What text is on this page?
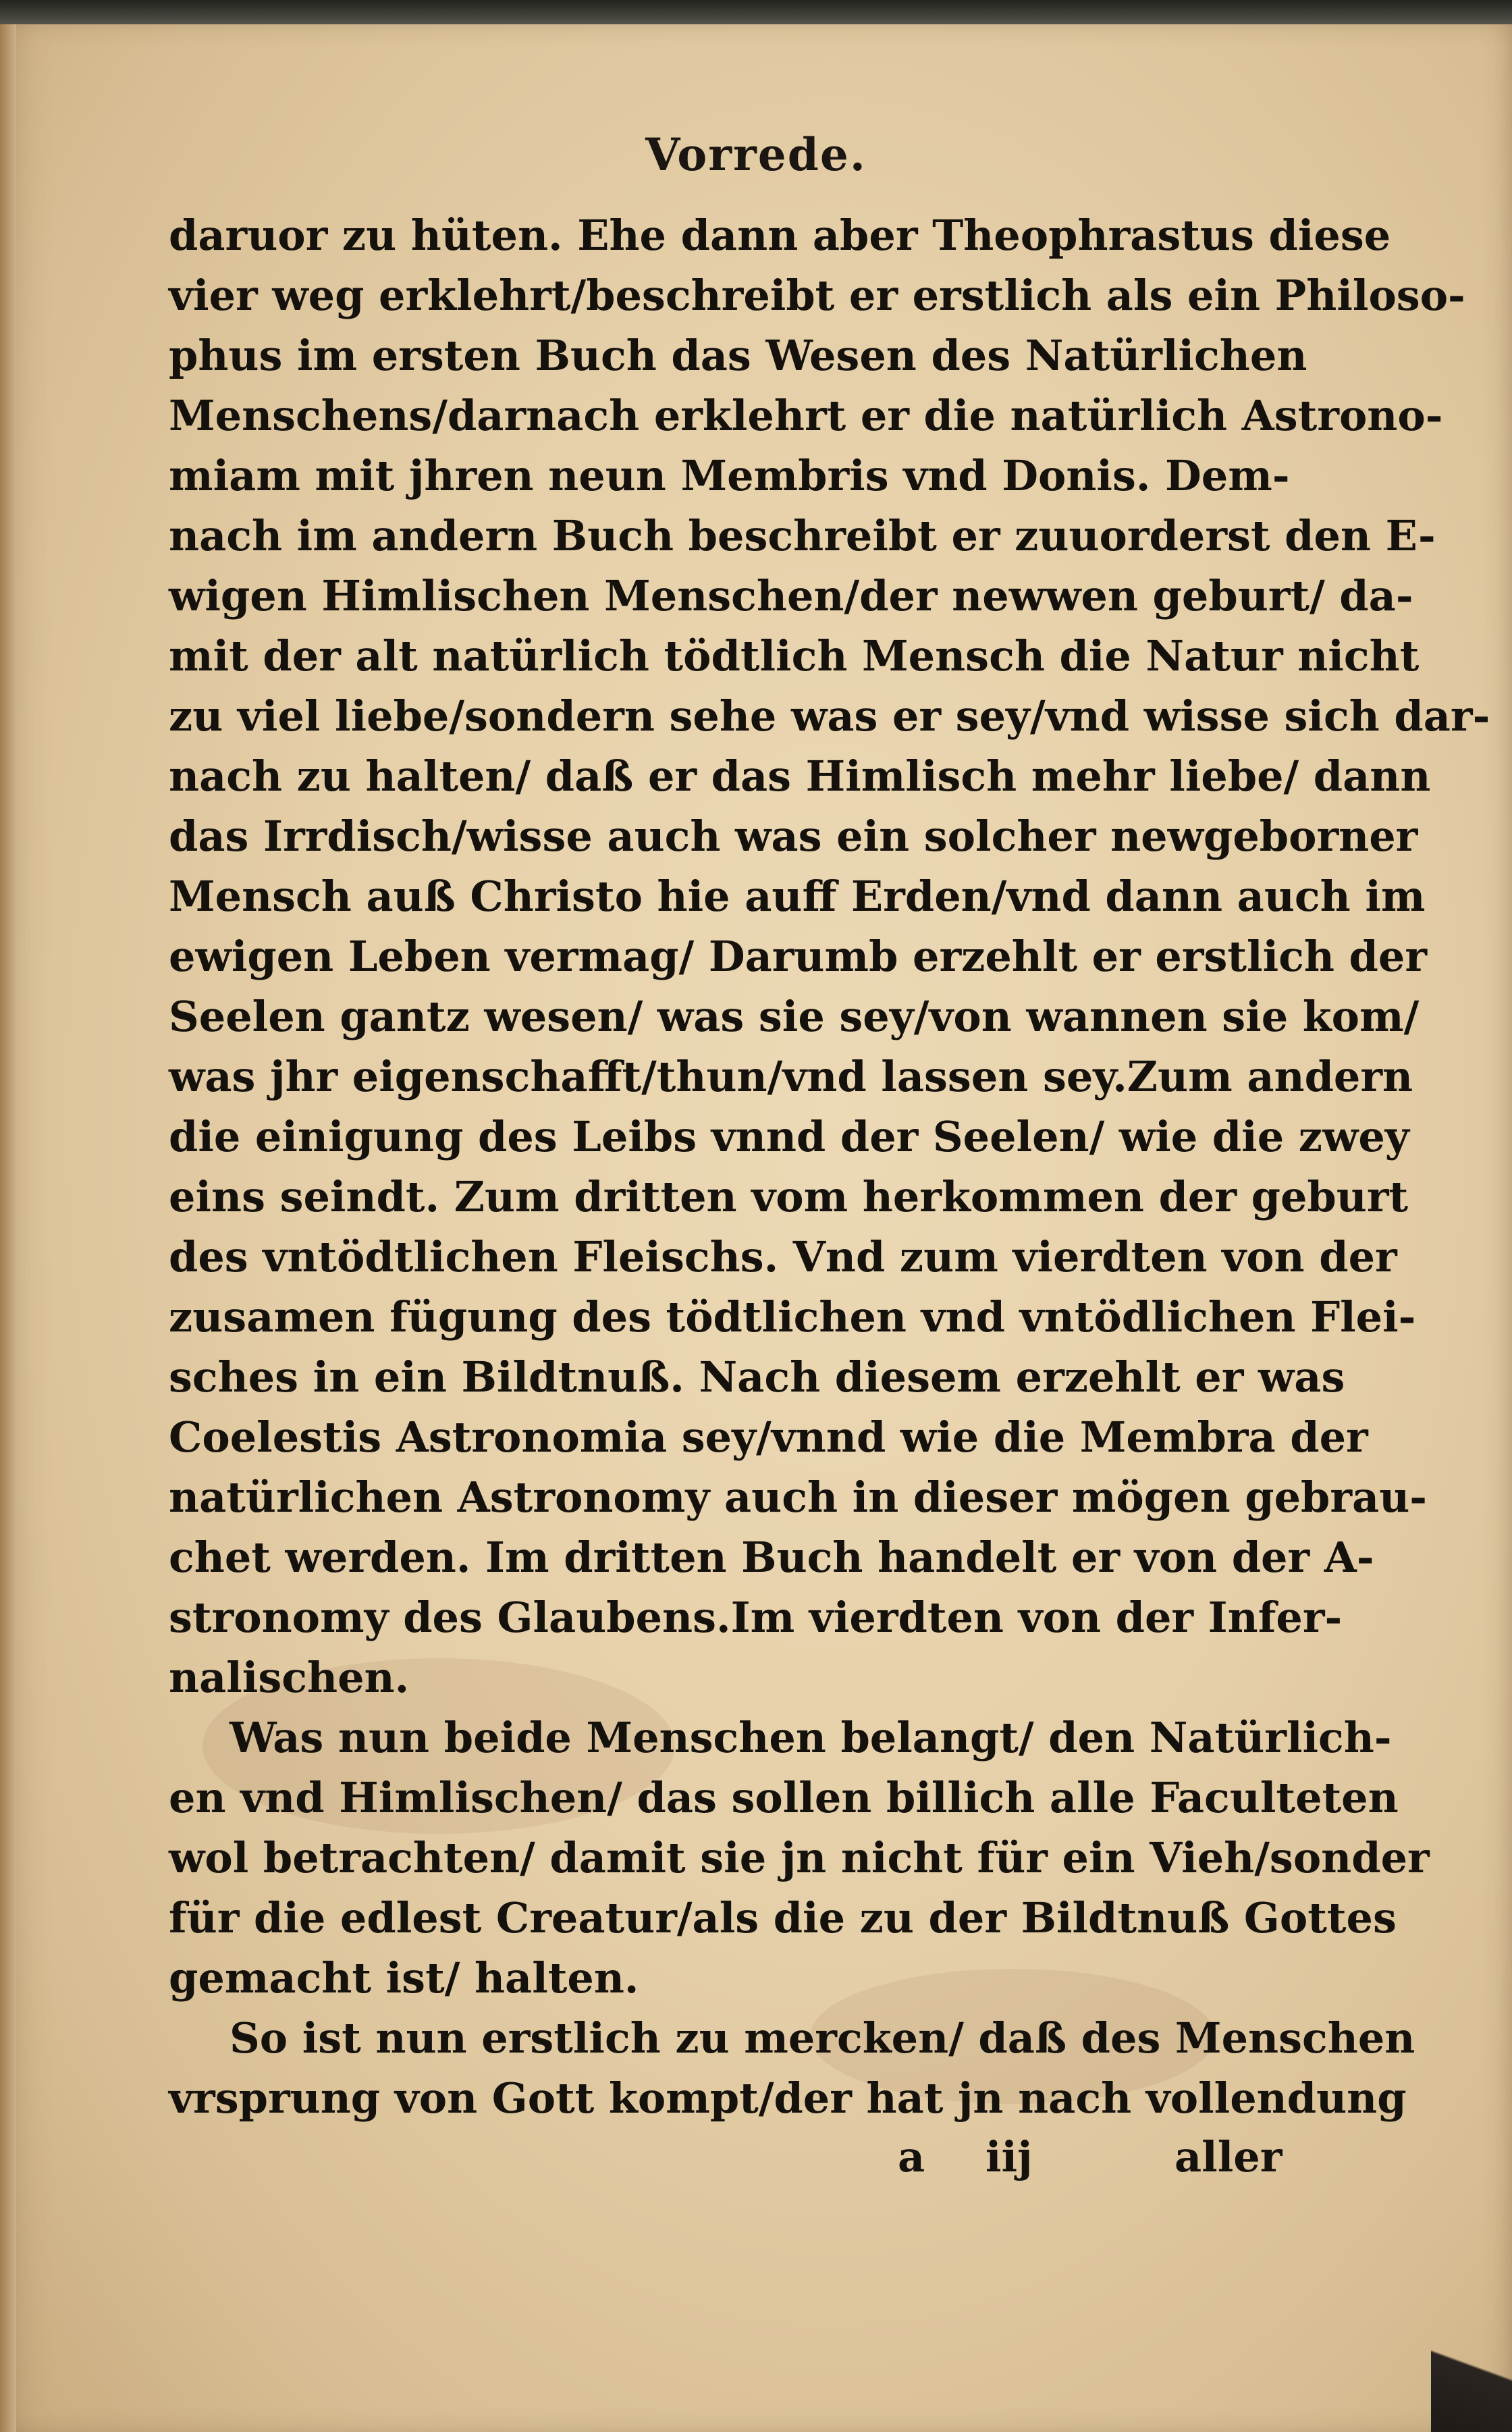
Vorrede.
daruor zu hüten. Ehe dann aber Theophrastus diese
vier weg erklehrt/beschreibt er erstlich als ein Philoso-
phus im ersten Buch das Wesen des Natürlichen
Menschens/darnach erklehrt er die natürlich Astrono-
miam mit jhren neun Membris vnd Donis. Dem-
nach im andern Buch beschreibt er zuuorderst den E-
wigen Himlischen Menschen/der newwen geburt/ da-
mit der alt natürlich tödtlich Mensch die Natur nicht
zu viel liebe/sondern sehe was er sey/vnd wisse sich dar-
nach zu halten/ daß er das Himlisch mehr liebe/ dann
das Irrdisch/wisse auch was ein solcher newgeborner
Mensch auß Christo hie auff Erden/vnd dann auch im
ewigen Leben vermag/ Darumb erzehlt er erstlich der
Seelen gantz wesen/ was sie sey/von wannen sie kom/
was jhr eigenschafft/thun/vnd lassen sey.Zum andern
die einigung des Leibs vnnd der Seelen/ wie die zwey
eins seindt. Zum dritten vom herkommen der geburt
des vntödtlichen Fleischs. Vnd zum vierdten von der
zusamen fügung des tödtlichen vnd vntödlichen Flei-
sches in ein Bildtnuß. Nach diesem erzehlt er was
Coelestis Astronomia sey/vnnd wie die Membra der
natürlichen Astronomy auch in dieser mögen gebrau-
chet werden. Im dritten Buch handelt er von der A-
stronomy des Glaubens.Im vierdten von der Infer-
nalischen.
Was nun beide Menschen belangt/ den Natürlich-
en vnd Himlischen/ das sollen billich alle Faculteten
wol betrachten/ damit sie jn nicht für ein Vieh/sonder
für die edlest Creatur/als die zu der Bildtnuß Gottes
gemacht ist/ halten.
So ist nun erstlich zu mercken/ daß des Menschen
vrsprung von Gott kompt/der hat jn nach vollendung
a iij	aller
